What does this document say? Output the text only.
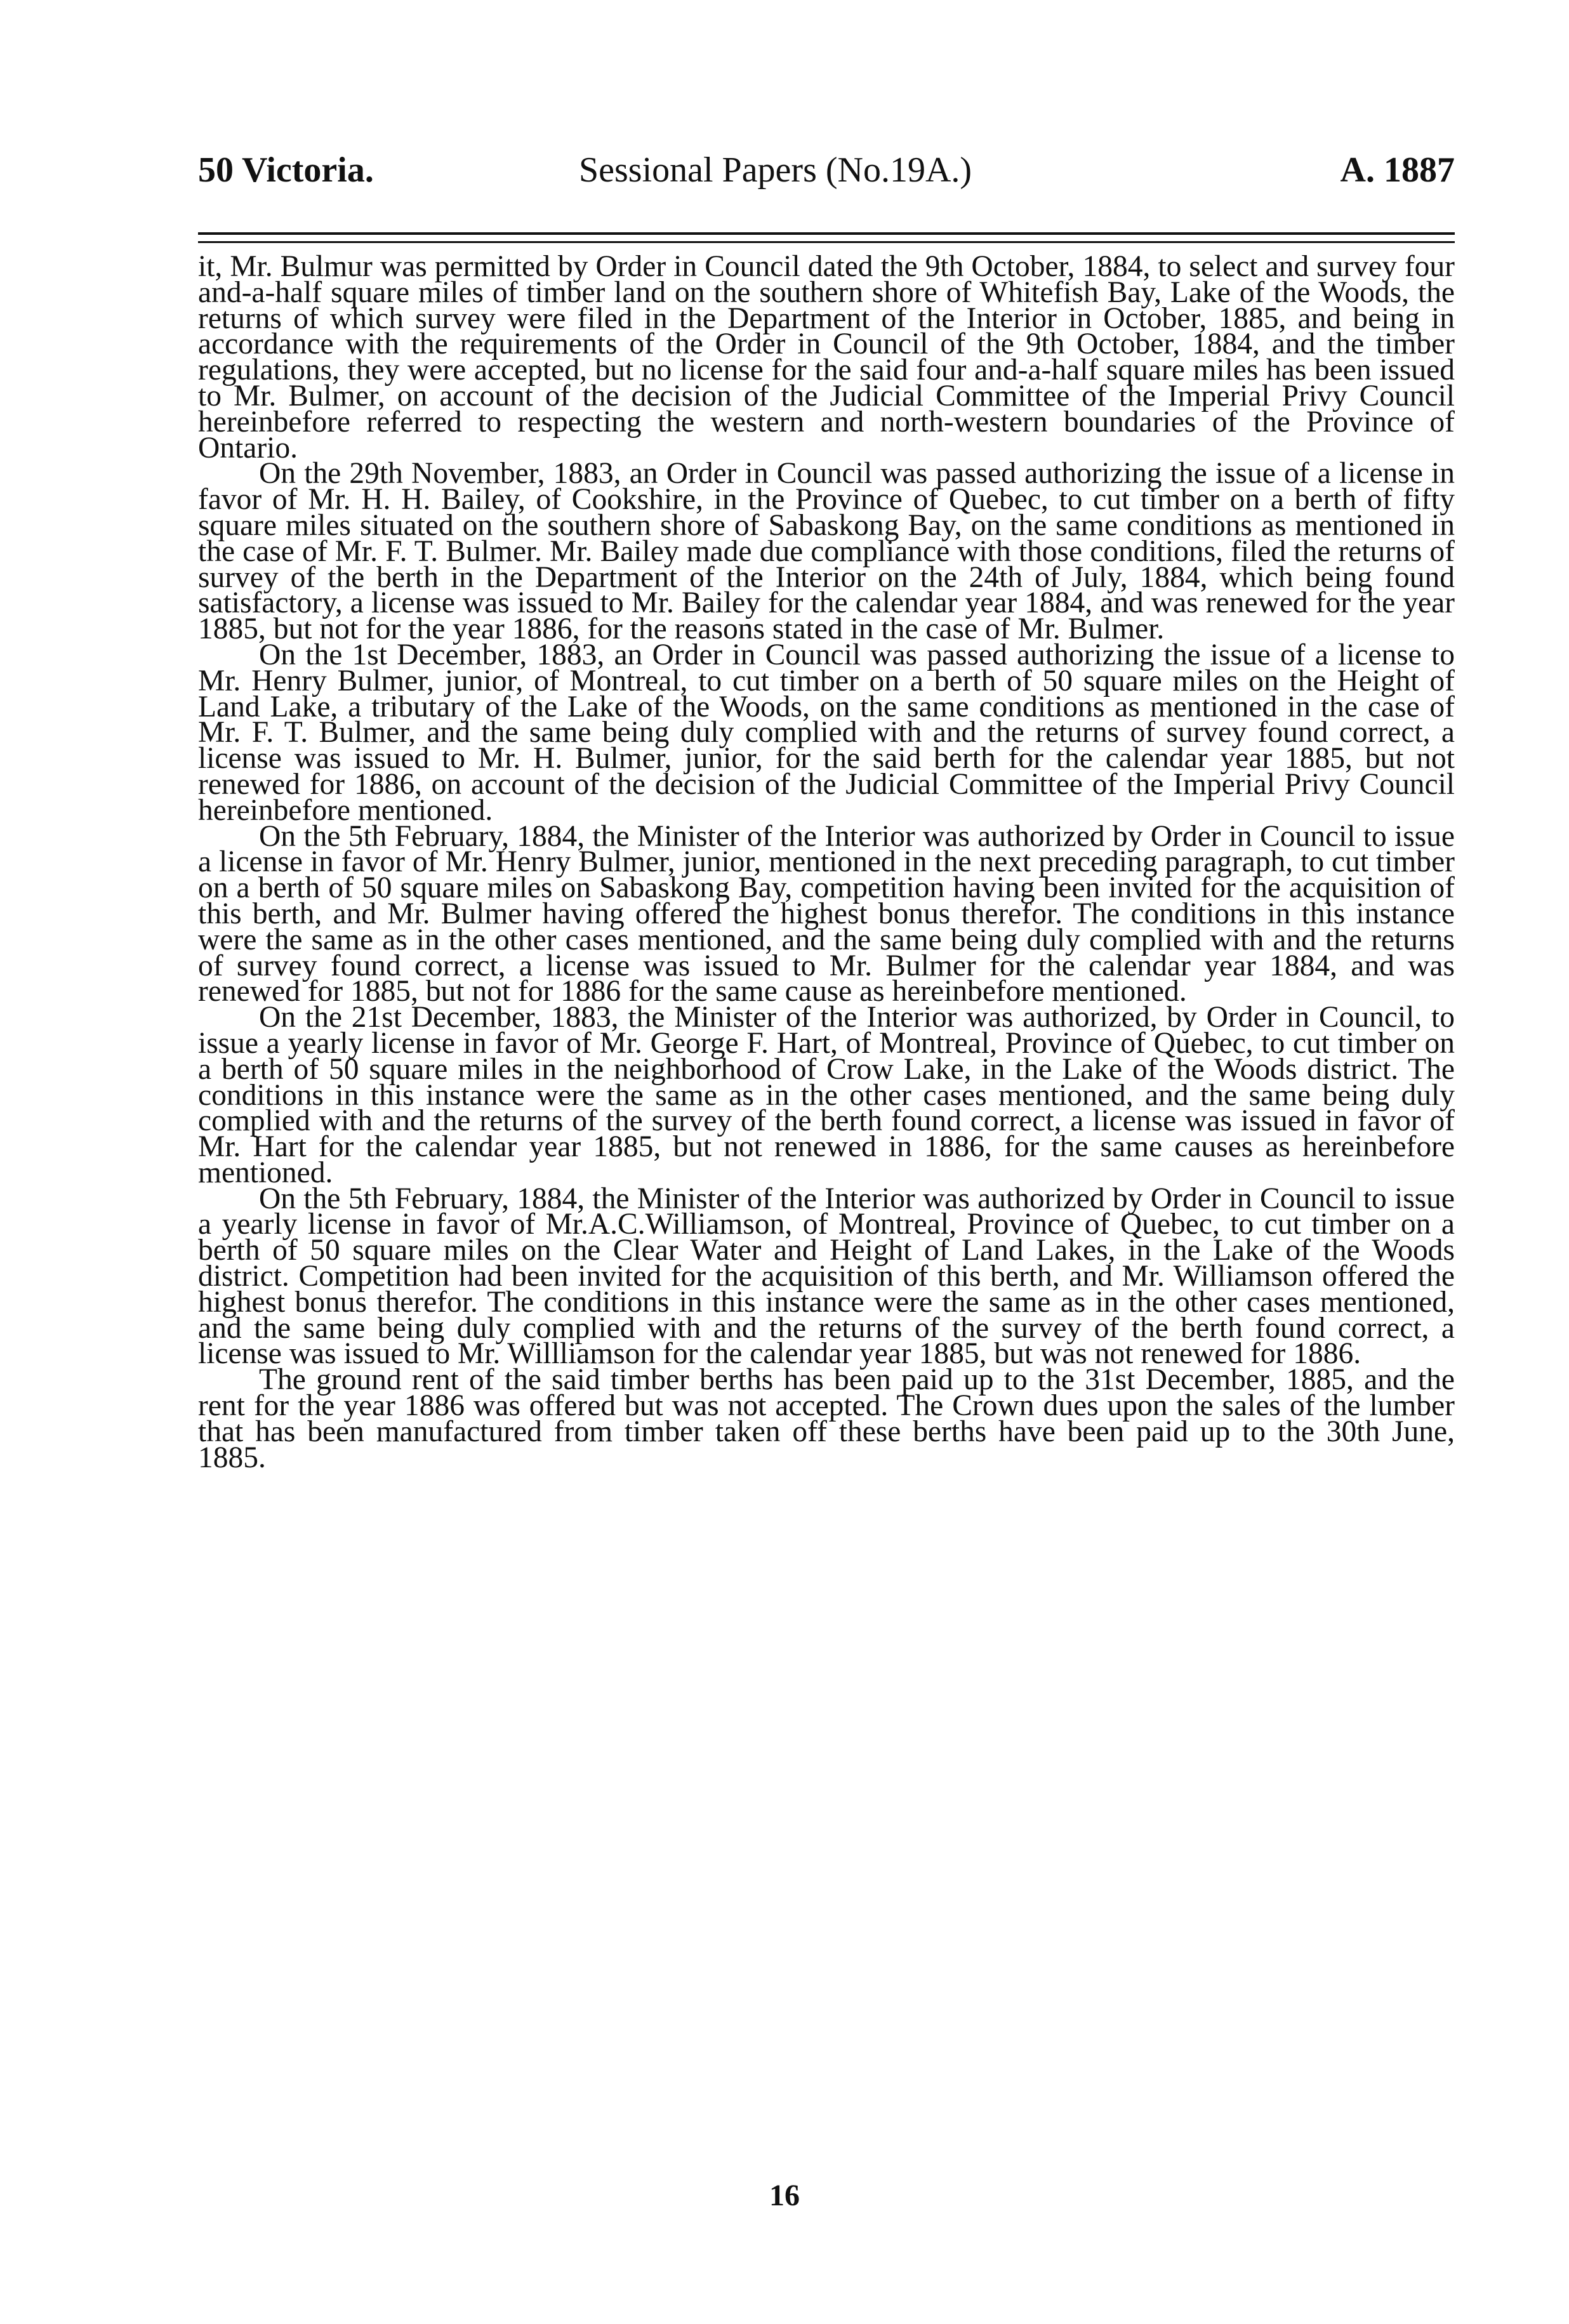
50 Victoria.	Sessional Papers (No.19A.)	A. 1887

it, Mr. Bulmur was permitted by Order in Council dated the 9th October, 1884, to select and survey four and-a-half square miles of timber land on the southern shore of Whitefish Bay, Lake of the Woods, the returns of which survey were filed in the Department of the Interior in October, 1885, and being in accordance with the requirements of the Order in Council of the 9th October, 1884, and the timber regulations, they were accepted, but no license for the said four and-a-half square miles has been issued to Mr. Bulmer, on account of the decision of the Judicial Committee of the Imperial Privy Council hereinbefore referred to respecting the western and north-western boundaries of the Province of Ontario.

On the 29th November, 1883, an Order in Council was passed authorizing the issue of a license in favor of Mr. H. H. Bailey, of Cookshire, in the Province of Quebec, to cut timber on a berth of fifty square miles situated on the southern shore of Sabaskong Bay, on the same conditions as mentioned in the case of Mr. F. T. Bulmer. Mr. Bailey made due compliance with those conditions, filed the returns of survey of the berth in the Department of the Interior on the 24th of July, 1884, which being found satisfactory, a license was issued to Mr. Bailey for the calendar year 1884, and was renewed for the year 1885, but not for the year 1886, for the reasons stated in the case of Mr. Bulmer.

On the 1st December, 1883, an Order in Council was passed authorizing the issue of a license to Mr. Henry Bulmer, junior, of Montreal, to cut timber on a berth of 50 square miles on the Height of Land Lake, a tributary of the Lake of the Woods, on the same conditions as mentioned in the case of Mr. F. T. Bulmer, and the same being duly complied with and the returns of survey found correct, a license was issued to Mr. H. Bulmer, junior, for the said berth for the calendar year 1885, but not renewed for 1886, on account of the decision of the Judicial Committee of the Imperial Privy Council hereinbefore mentioned.

On the 5th February, 1884, the Minister of the Interior was authorized by Order in Council to issue a license in favor of Mr. Henry Bulmer, junior, mentioned in the next preceding paragraph, to cut timber on a berth of 50 square miles on Sabaskong Bay, competition having been invited for the acquisition of this berth, and Mr. Bulmer having offered the highest bonus therefor. The conditions in this instance were the same as in the other cases mentioned, and the same being duly complied with and the returns of survey found correct, a license was issued to Mr. Bulmer for the calendar year 1884, and was renewed for 1885, but not for 1886 for the same cause as hereinbefore mentioned.

On the 21st December, 1883, the Minister of the Interior was authorized, by Order in Council, to issue a yearly license in favor of Mr. George F. Hart, of Montreal, Province of Quebec, to cut timber on a berth of 50 square miles in the neighborhood of Crow Lake, in the Lake of the Woods district. The conditions in this instance were the same as in the other cases mentioned, and the same being duly complied with and the returns of the survey of the berth found correct, a license was issued in favor of Mr. Hart for the calendar year 1885, but not renewed in 1886, for the same causes as hereinbefore mentioned.

On the 5th February, 1884, the Minister of the Interior was authorized by Order in Council to issue a yearly license in favor of Mr.A.C.Williamson, of Montreal, Province of Quebec, to cut timber on a berth of 50 square miles on the Clear Water and Height of Land Lakes, in the Lake of the Woods district. Competition had been invited for the acquisition of this berth, and Mr. Williamson offered the highest bonus therefor. The conditions in this instance were the same as in the other cases mentioned, and the same being duly complied with and the returns of the survey of the berth found correct, a license was issued to Mr. Willliamson for the calendar year 1885, but was not renewed for 1886.

The ground rent of the said timber berths has been paid up to the 31st December, 1885, and the rent for the year 1886 was offered but was not accepted. The Crown dues upon the sales of the lumber that has been manufactured from timber taken off these berths have been paid up to the 30th June, 1885.

16
